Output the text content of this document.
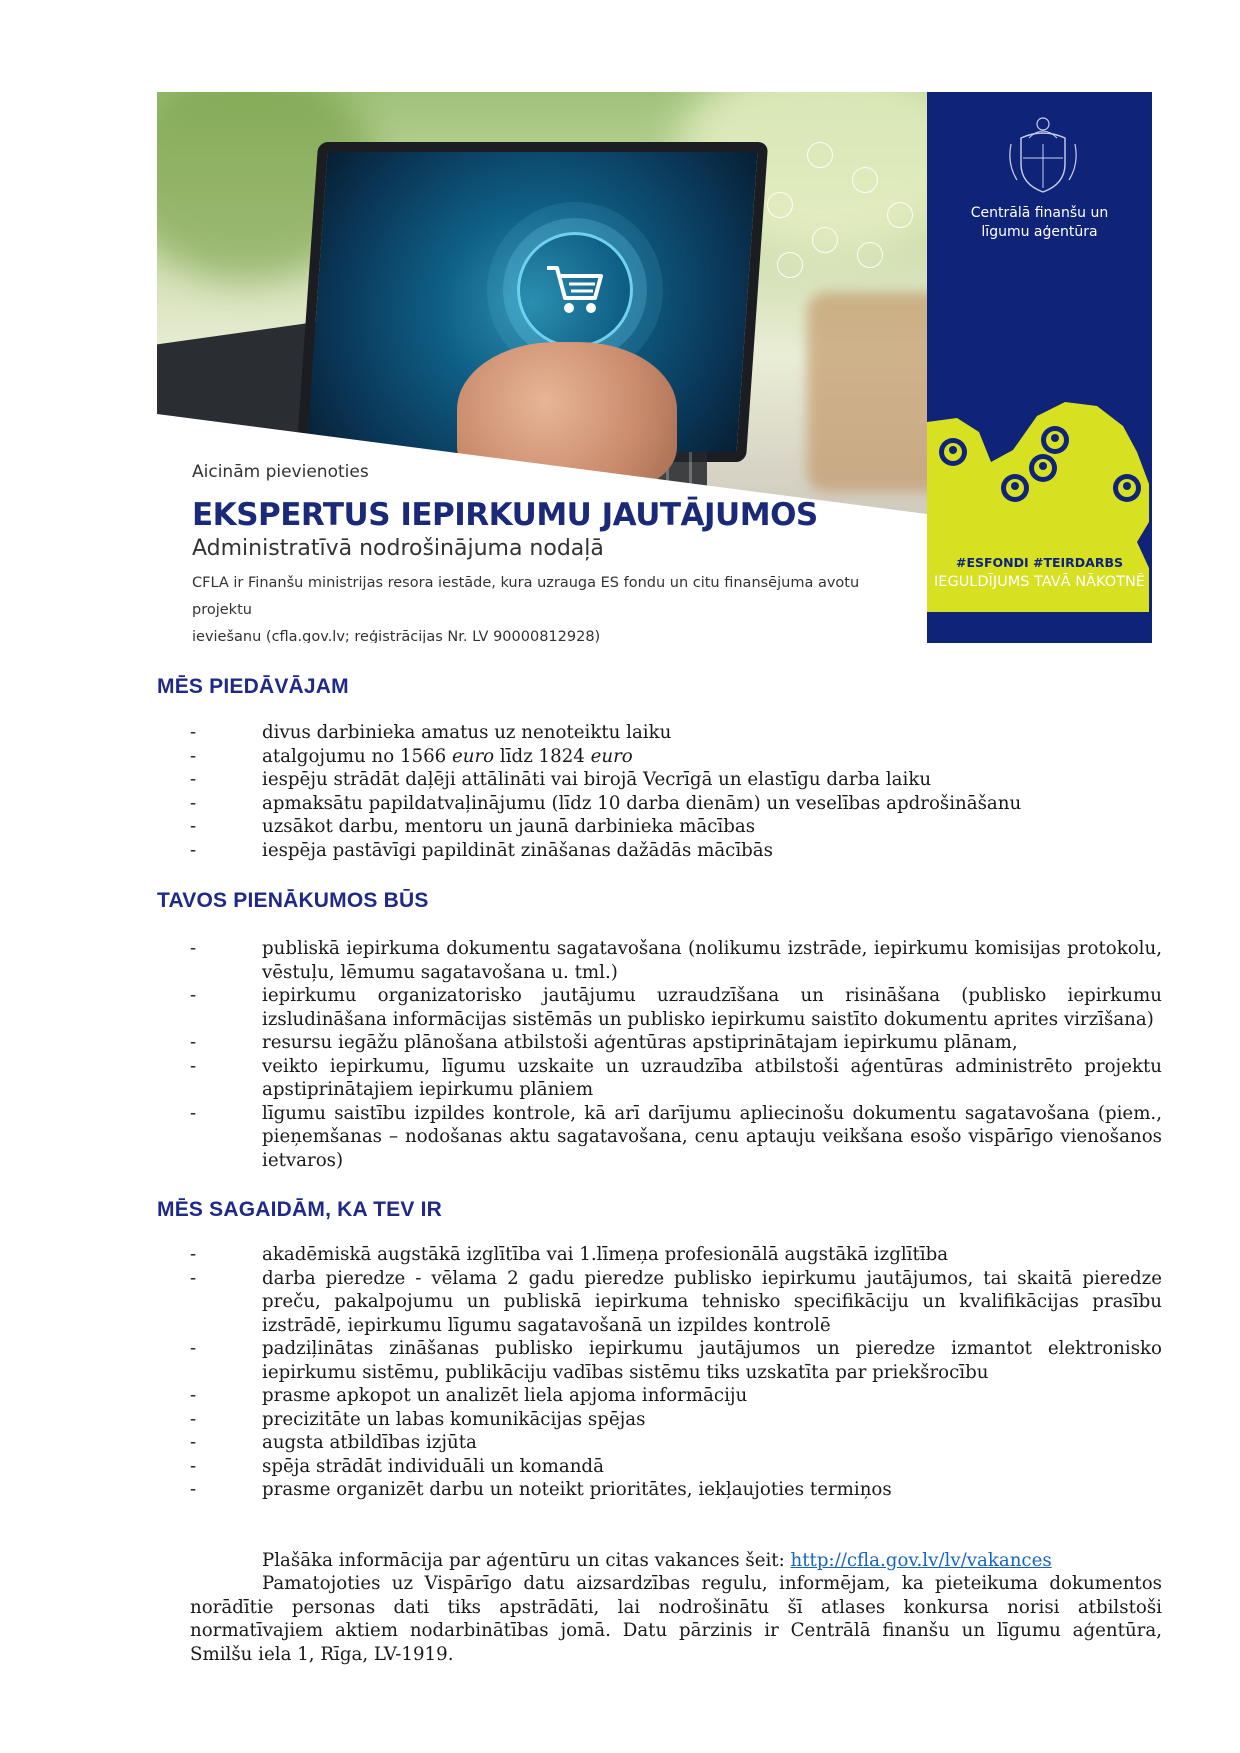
Aicinām pievienoties
EKSPERTUS IEPIRKUMU JAUTĀJUMOS
Administratīvā nodrošinājuma nodaļā
CFLA ir Finanšu ministrijas resora iestāde, kura uzrauga ES fondu un citu finansējuma avotu projektu
ieviešanu (cfla.gov.lv; reģistrācijas Nr. LV 90000812928)
Centrālā finanšu un
līgumu aģentūra
#ESFONDI #TEIRDARBS
IEGULDĪJUMS TAVĀ NĀKOTNĒ
MĒS PIEDĀVĀJAM
- divus darbinieka amatus uz nenoteiktu laiku
- atalgojumu no 1566 euro līdz 1824 euro
- iespēju strādāt daļēji attālināti vai birojā Vecrīgā un elastīgu darba laiku
- apmaksātu papildatvaļinājumu (līdz 10 darba dienām) un veselības apdrošināšanu
- uzsākot darbu, mentoru un jaunā darbinieka mācības
- iespēja pastāvīgi papildināt zināšanas dažādās mācībās
TAVOS PIENĀKUMOS BŪS
- publiskā iepirkuma dokumentu sagatavošana (nolikumu izstrāde, iepirkumu komisijas protokolu, vēstuļu, lēmumu sagatavošana u. tml.)
- iepirkumu organizatorisko jautājumu uzraudzīšana un risināšana (publisko iepirkumu izsludināšana informācijas sistēmās un publisko iepirkumu saistīto dokumentu aprites virzīšana)
- resursu iegāžu plānošana atbilstoši aģentūras apstiprinātajam iepirkumu plānam,
- veikto iepirkumu, līgumu uzskaite un uzraudzība atbilstoši aģentūras administrēto projektu apstiprinātajiem iepirkumu plāniem
- līgumu saistību izpildes kontrole, kā arī darījumu apliecinošu dokumentu sagatavošana (piem., pieņemšanas – nodošanas aktu sagatavošana, cenu aptauju veikšana esošo vispārīgo vienošanos ietvaros)
MĒS SAGAIDĀM, KA TEV IR
- akadēmiskā augstākā izglītība vai 1.līmeņa profesionālā augstākā izglītība
- darba pieredze - vēlama 2 gadu pieredze publisko iepirkumu jautājumos, tai skaitā pieredze preču, pakalpojumu un publiskā iepirkuma tehnisko specifikāciju un kvalifikācijas prasību izstrādē, iepirkumu līgumu sagatavošanā un izpildes kontrolē
- padziļinātas zināšanas publisko iepirkumu jautājumos un pieredze izmantot elektronisko iepirkumu sistēmu, publikāciju vadības sistēmu tiks uzskatīta par priekšrocību
- prasme apkopot un analizēt liela apjoma informāciju
- precizitāte un labas komunikācijas spējas
- augsta atbildības izjūta
- spēja strādāt individuāli un komandā
- prasme organizēt darbu un noteikt prioritātes, iekļaujoties termiņos
Plašāka informācija par aģentūru un citas vakances šeit: http://cfla.gov.lv/lv/vakances
Pamatojoties uz Vispārīgo datu aizsardzības regulu, informējam, ka pieteikuma dokumentos norādītie personas dati tiks apstrādāti, lai nodrošinātu šī atlases konkursa norisi atbilstoši normatīvajiem aktiem nodarbinātības jomā. Datu pārzinis ir Centrālā finanšu un līgumu aģentūra, Smilšu iela 1, Rīga, LV-1919.
